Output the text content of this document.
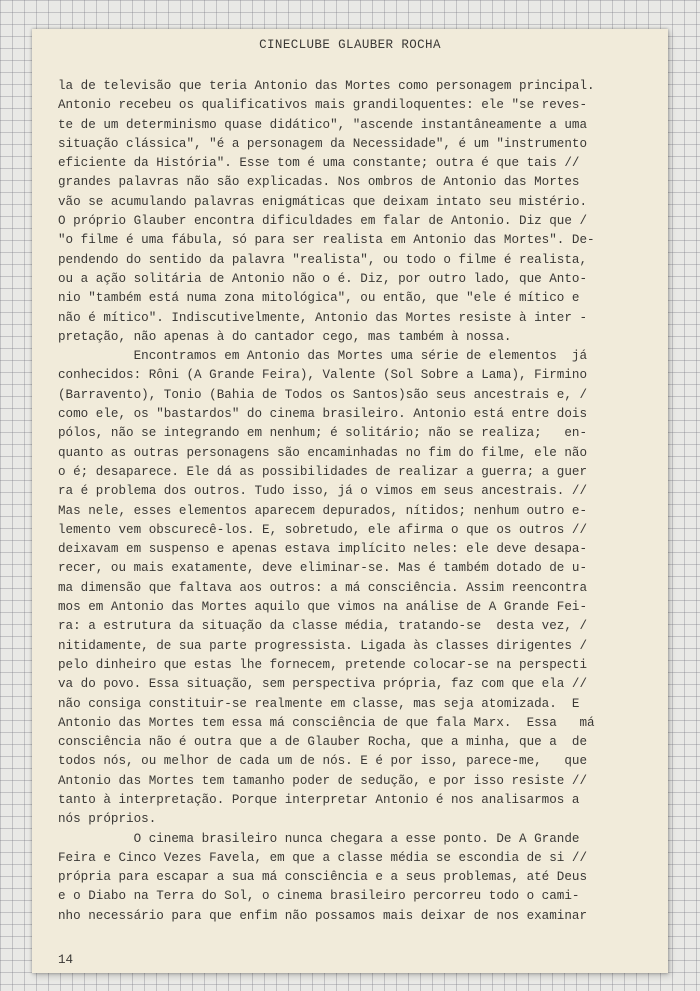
CINECLUBE GLAUBER ROCHA
la de televisão que teria Antonio das Mortes como personagem principal.
Antonio recebeu os qualificativos mais grandiloquentes: ele "se reves-
te de um determinismo quase didático", "ascende instantâneamente a uma
situação clássica", "é a personagem da Necessidade", é um "instrumento
eficiente da História". Esse tom é uma constante; outra é que tais //
grandes palavras não são explicadas. Nos ombros de Antonio das Mortes
vão se acumulando palavras enigmáticas que deixam intato seu mistério.
O próprio Glauber encontra dificuldades em falar de Antonio. Diz que /
"o filme é uma fábula, só para ser realista em Antonio das Mortes". De-
pendendo do sentido da palavra "realista", ou todo o filme é realista,
ou a ação solitária de Antonio não o é. Diz, por outro lado, que Anto-
nio "também está numa zona mitológica", ou então, que "ele é mítico e
não é mítico". Indiscutivelmente, Antonio das Mortes resiste à inter -
pretação, não apenas à do cantador cego, mas também à nossa.
Encontramos em Antonio das Mortes uma série de elementos  já
conhecidos: Rôni (A Grande Feira), Valente (Sol Sobre a Lama), Firmino
(Barravento), Tonio (Bahia de Todos os Santos)são seus ancestrais e, /
como ele, os "bastardos" do cinema brasileiro. Antonio está entre dois
pólos, não se integrando em nenhum; é solitário; não se realiza;   en-
quanto as outras personagens são encaminhadas no fim do filme, ele não
o é; desaparece. Ele dá as possibilidades de realizar a guerra; a guer
ra é problema dos outros. Tudo isso, já o vimos em seus ancestrais. //
Mas nele, esses elementos aparecem depurados, nítidos; nenhum outro e-
lemento vem obscurecê-los. E, sobretudo, ele afirma o que os outros //
deixavam em suspenso e apenas estava implícito neles: ele deve desapa-
recer, ou mais exatamente, deve eliminar-se. Mas é também dotado de u-
ma dimensão que faltava aos outros: a má consciência. Assim reencontra
mos em Antonio das Mortes aquilo que vimos na análise de A Grande Fei-
ra: a estrutura da situação da classe média, tratando-se  desta vez, /
nitidamente, de sua parte progressista. Ligada às classes dirigentes /
pelo dinheiro que estas lhe fornecem, pretende colocar-se na perspecti
va do povo. Essa situação, sem perspectiva própria, faz com que ela //
não consiga constituir-se realmente em classe, mas seja atomizada.  E
Antonio das Mortes tem essa má consciência de que fala Marx.  Essa   má
consciência não é outra que a de Glauber Rocha, que a minha, que a  de
todos nós, ou melhor de cada um de nós. E é por isso, parece-me,   que
Antonio das Mortes tem tamanho poder de sedução, e por isso resiste //
tanto à interpretação. Porque interpretar Antonio é nos analisarmos a
nós próprios.
O cinema brasileiro nunca chegara a esse ponto. De A Grande
Feira e Cinco Vezes Favela, em que a classe média se escondia de si //
própria para escapar a sua má consciência e a seus problemas, até Deus
e o Diabo na Terra do Sol, o cinema brasileiro percorreu todo o cami-
nho necessário para que enfim não possamos mais deixar de nos examinar
14
